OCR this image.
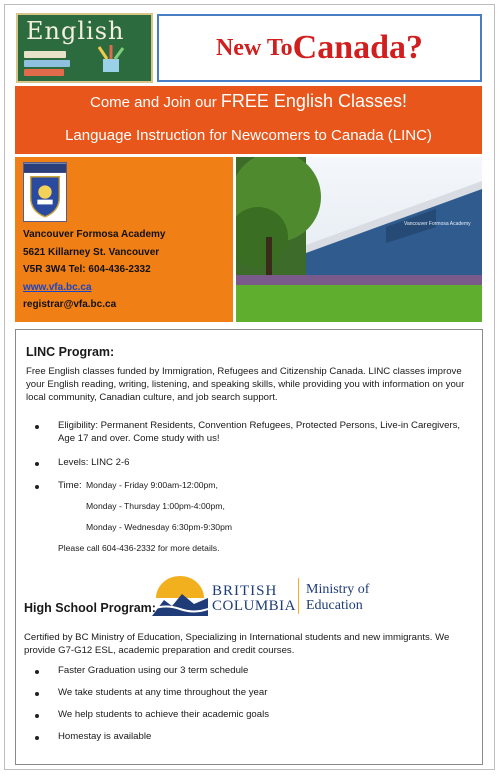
English
New To Canada?
Come and Join our FREE English Classes!
Language Instruction for Newcomers to Canada (LINC)
Vancouver Formosa Academy
5621 Killarney St. Vancouver
V5R 3W4 Tel: 604-436-2332
www.vfa.bc.ca
registrar@vfa.bc.ca
Vancouver Formosa Academy
LINC Program:
Free English classes funded by Immigration, Refugees and Citizenship Canada. LINC classes improve your English reading, writing, listening, and speaking skills, while providing you with information on your local community, Canadian culture, and job search support.
Eligibility: Permanent Residents, Convention Refugees, Protected Persons, Live-in Caregivers, Age 17 and over. Come study with us!
Levels: LINC 2-6
Time: Monday - Friday 9:00am-12:00pm,
Monday - Thursday 1:00pm-4:00pm,
Monday - Wednesday 6:30pm-9:30pm
Please call 604-436-2332 for more details.
BRITISH
COLUMBIA
Ministry of
Education
High School Program:
Certified by BC Ministry of Education, Specializing in International students and new immigrants. We provide G7-G12 ESL, academic preparation and credit courses.
Faster Graduation using our 3 term schedule
We take students at any time throughout the year
We help students to achieve their academic goals
Homestay is available
